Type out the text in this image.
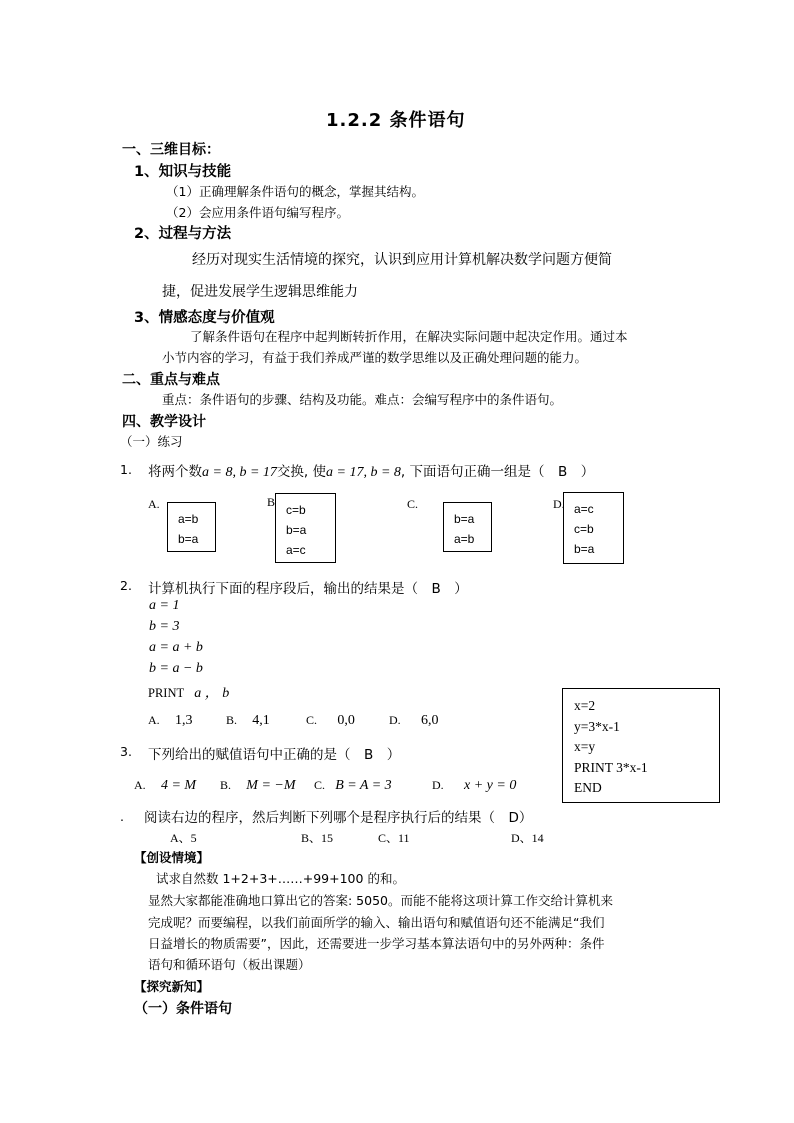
1.2.2 条件语句
一、三维目标：
1、知识与技能
（1）正确理解条件语句的概念，掌握其结构。
（2）会应用条件语句编写程序。
2、过程与方法
经历对现实生活情境的探究，认识到应用计算机解决数学问题方便简
捷，促进发展学生逻辑思维能力
3、情感态度与价值观
了解条件语句在程序中起判断转折作用，在解决实际问题中起决定作用。通过本
小节内容的学习，有益于我们养成严谨的数学思维以及正确处理问题的能力。
二、重点与难点
重点：条件语句的步骤、结构及功能。难点：会编写程序中的条件语句。
四、教学设计
（一）练习
1. 将两个数a = 8, b = 17交换, 使a = 17, b = 8, 下面语句正确一组是（　B　）
A.
a=b
b=a
B
c=b
b=a
a=c
C.
b=a
a=b
D. a=c
c=b
b=a
2. 计算机执行下面的程序段后，输出的结果是（　B　）
a = 1
b = 3
a = a + b
b = a − b
PRINT a ， b
A. 1,3	B. 4,1	C. 0,0	D. 6,0
x=2
y=3*x-1
x=y
PRINT 3*x-1
END
3. 下列给出的赋值语句中正确的是（　B　）
A. 4 = M B. M = −M C. B = A = 3	D. x + y = 0
. 阅读右边的程序，然后判断下列哪个是程序执行后的结果（　D）
A、5	B、15	C、11	D、14
【创设情境】
试求自然数 1+2+3+……+99+100 的和。
显然大家都能准确地口算出它的答案: 5050。而能不能将这项计算工作交给计算机来
完成呢？而要编程，以我们前面所学的输入、输出语句和赋值语句还不能满足“我们
日益增长的物质需要”，因此，还需要进一步学习基本算法语句中的另外两种：条件
语句和循环语句（板出课题）
【探究新知】
（一）条件语句
